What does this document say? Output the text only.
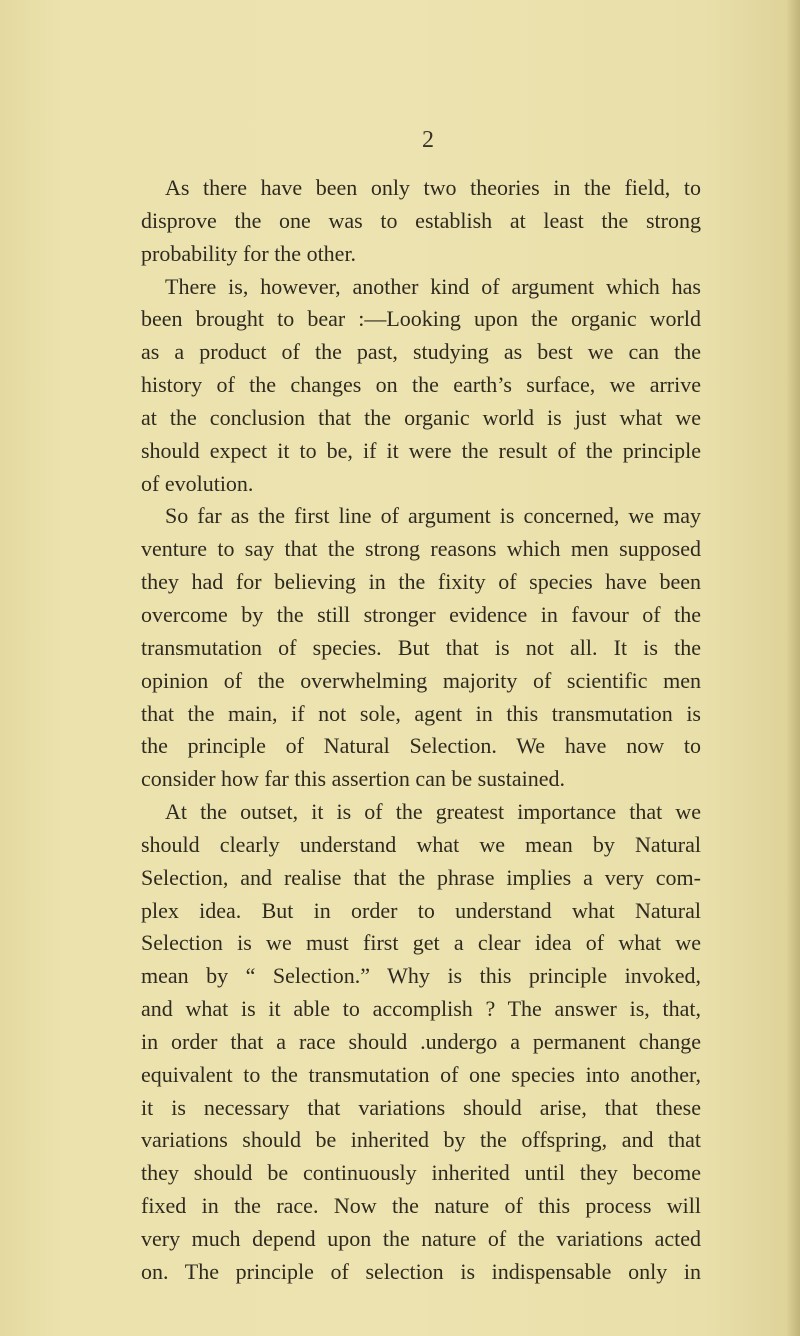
2
As there have been only two theories in the field, to
disprove the one was to establish at least the strong
probability for the other.
There is, however, another kind of argument which has
been brought to bear :—Looking upon the organic world
as a product of the past, studying as best we can the
history of the changes on the earth’s surface, we arrive
at the conclusion that the organic world is just what we
should expect it to be, if it were the result of the principle
of evolution.
So far as the first line of argument is concerned, we may
venture to say that the strong reasons which men supposed
they had for believing in the fixity of species have been
overcome by the still stronger evidence in favour of the
transmutation of species. But that is not all. It is the
opinion of the overwhelming majority of scientific men
that the main, if not sole, agent in this transmutation is
the principle of Natural Selection. We have now to
consider how far this assertion can be sustained.
At the outset, it is of the greatest importance that we
should clearly understand what we mean by Natural
Selection, and realise that the phrase implies a very com-
plex idea. But in order to understand what Natural
Selection is we must first get a clear idea of what we
mean by “ Selection.” Why is this principle invoked,
and what is it able to accomplish ? The answer is, that,
in order that a race should .undergo a permanent change
equivalent to the transmutation of one species into another,
it is necessary that variations should arise, that these
variations should be inherited by the offspring, and that
they should be continuously inherited until they become
fixed in the race. Now the nature of this process will
very much depend upon the nature of the variations acted
on. The principle of selection is indispensable only in
